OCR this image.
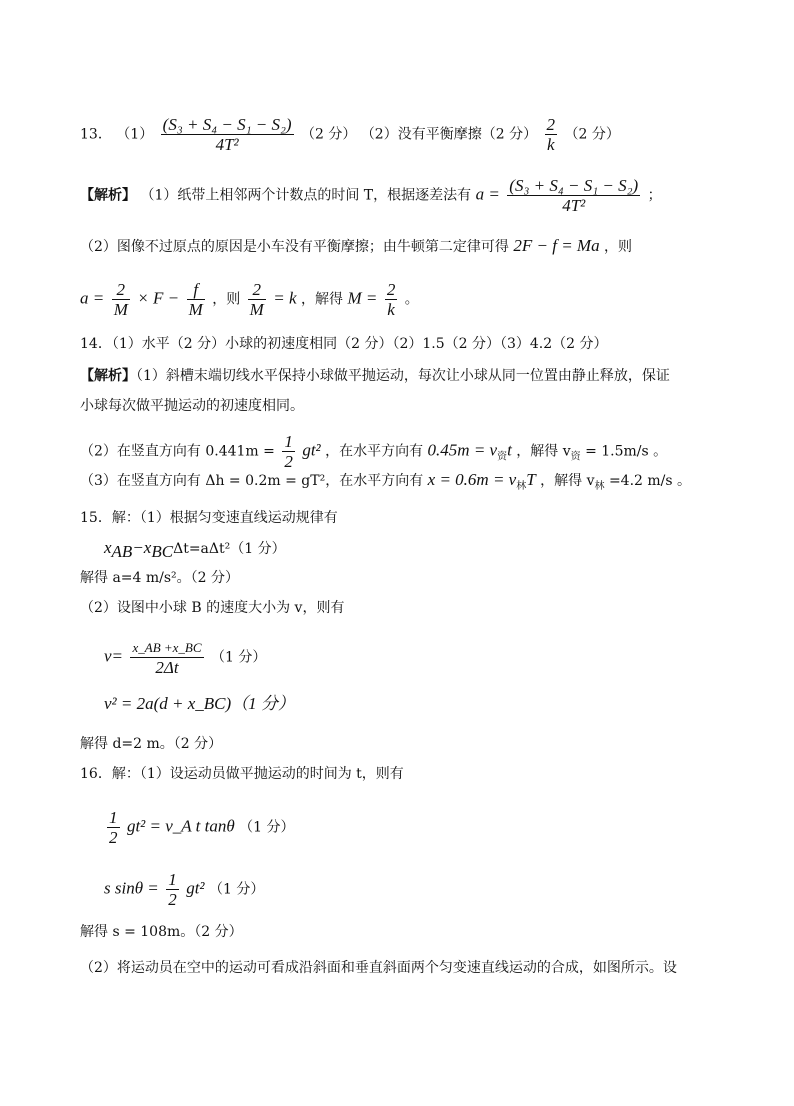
13． $(1) \frac{\text{(S₃ + S₄ − S₁ − S₂)}}{\text{4T²}} (2$ 分） （2）没有平衡摩擦（2 分） $\frac{2}{k} (2$ 分）
【解析】 （1）纸带上相邻两个计数点的时间 T，根据逐差法有 $a = \frac{\text{(S₃ + S₄ − S₁ − S₂)}}{\text{4T²}}$ ；
（2）图像不过原点的原因是小车没有平衡摩擦；由牛顿第二定律可得 2F − f = Ma ，则
$a = \frac{2}{M} \times F - \frac{f}{M}$ ，则 $\frac{2}{M} = k$ ，解得 $M = \frac{2}{k}$ 。
14．（1）水平（2 分）小球的初速度相同（2 分）（2）1.5（2 分）（3）4.2（2 分）
【解析】（1）斜槽末端切线水平保持小球做平抛运动，每次让小球从同一位置由静止释放，保证
小球每次做平抛运动的初速度相同。
（2）在竖直方向有 $0.441m = \frac{1}{2} gt^2$ ，在水平方向有 $0.45m = v_资t$ ，解得 $v_资 = 1.5m/s$ 。
（3）在竖直方向有 Δh = 0.2m = gT²，在水平方向有 $x = 0.6m = v_林T$ ，解得 $v_林 =4.2$ m/s 。
15．解：（1）根据匀变速直线运动规律有
$x_{AB}-x_{BC}\Delta t=a\Delta t^2(1$ 分）
解得 a=4 m/s²。（2 分）
（2）设图中小球 B 的速度大小为 v，则有
$v= \frac{x\_AB +x\_BC}{2\Delta t} (1$ 分）
v² = 2a(d + x_BC)（1 分）
解得 d=2 m。（2 分）
16．解：（1）设运动员做平抛运动的时间为 t，则有
$\frac{1}{2} gt^2$ = v_A t tanθ （1 分）
s $\sin\theta = \frac{1}{2} gt^2$ （1 分）
解得 s = 108m。（2 分）
（2）将运动员在空中的运动可看成沿斜面和垂直斜面两个匀变速直线运动的合成，如图所示。设
